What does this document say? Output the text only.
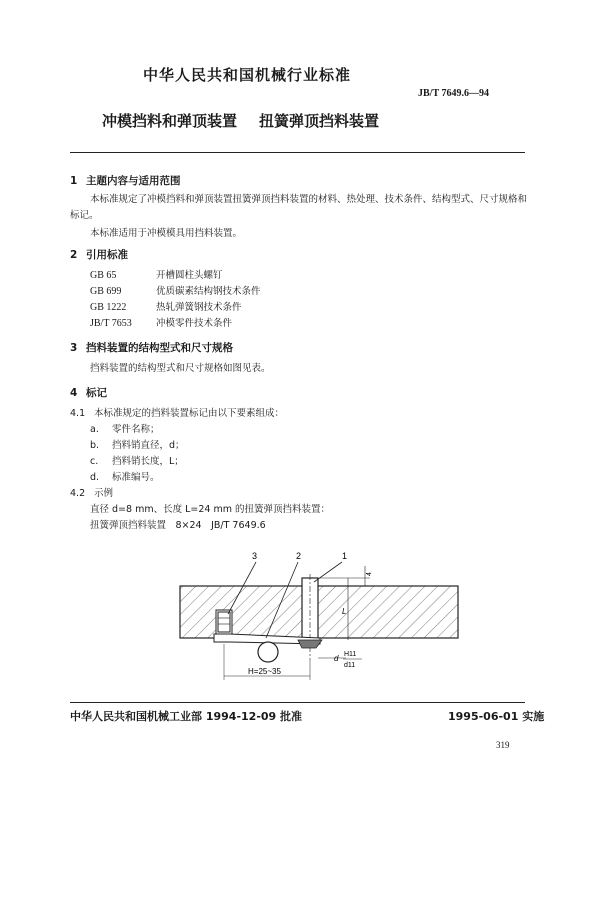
中华人民共和国机械行业标准
JB/T 7649.6—94
冲模挡料和弹顶装置 扭簧弹顶挡料装置
1 主题内容与适用范围
本标准规定了冲模挡料和弹顶装置扭簧弹顶挡料装置的材料、热处理、技术条件、结构型式、尺寸规格和标记。
本标准适用于冲模模具用挡料装置。
2 引用标准
GB 65	开槽圆柱头螺钉
GB 699	优质碳素结构钢技术条件
GB 1222	热轧弹簧钢技术条件
JB/T 7653	冲模零件技术条件
3 挡料装置的结构型式和尺寸规格
挡料装置的结构型式和尺寸规格如图见表。
4 标记
4.1 本标准规定的挡料装置标记由以下要素组成：
a. 零件名称；
b. 挡料销直径，d；
c. 挡料销长度，L；
d. 标准编号。
4.2 示例
直径 d=8 mm、长度 L=24 mm 的扭簧弹顶挡料装置：
扭簧弹顶挡料装置　8×24　JB/T 7649.6
3	2	1
4
L
d H11
d11
H=25~35
中华人民共和国机械工业部 1994-12-09 批准	1995-06-01 实施
319
